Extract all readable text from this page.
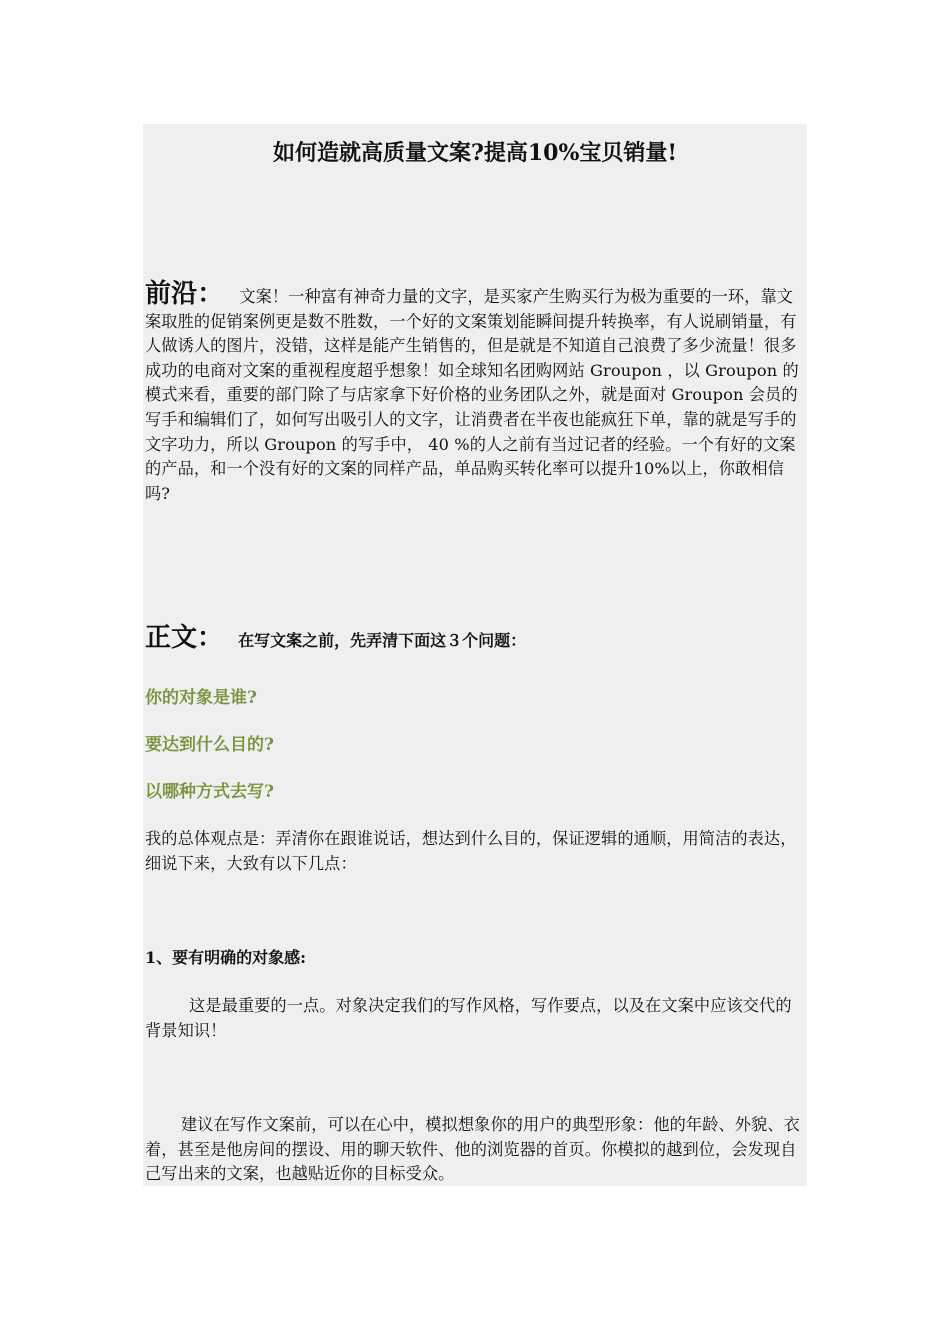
如何造就高质量文案?提高10%宝贝销量!

前沿： 文案！一种富有神奇力量的文字，是买家产生购买行为极为重要的一环，靠文案取胜的促销案例更是数不胜数，一个好的文案策划能瞬间提升转换率，有人说刷销量，有人做诱人的图片，没错，这样是能产生销售的，但是就是不知道自己浪费了多少流量！很多成功的电商对文案的重视程度超乎想象！如全球知名团购网站 Groupon ，以 Groupon 的模式来看，重要的部门除了与店家拿下好价格的业务团队之外，就是面对 Groupon 会员的写手和编辑们了，如何写出吸引人的文字，让消费者在半夜也能疯狂下单，靠的就是写手的文字功力，所以 Groupon 的写手中， 40 %的人之前有当过记者的经验。一个有好的文案的产品，和一个没有好的文案的同样产品，单品购买转化率可以提升10%以上，你敢相信吗?

正文： 在写文案之前，先弄清下面这３个问题：

你的对象是谁?

要达到什么目的?

以哪种方式去写?

我的总体观点是：弄清你在跟谁说话，想达到什么目的，保证逻辑的通顺，用简洁的表达，细说下来，大致有以下几点：

1、要有明确的对象感:

这是最重要的一点。对象决定我们的写作风格，写作要点，以及在文案中应该交代的背景知识！

建议在写作文案前，可以在心中，模拟想象你的用户的典型形象：他的年龄、外貌、衣着，甚至是他房间的摆设、用的聊天软件、他的浏览器的首页。你模拟的越到位，会发现自己写出来的文案，也越贴近你的目标受众。
